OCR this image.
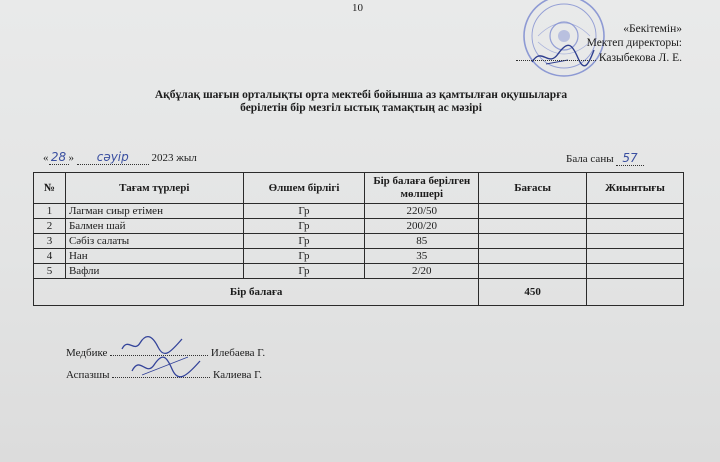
10
«Бекітемін»
Мектеп директоры:
Казыбекова Л. Е.
Ақбұлақ шағын орталықты орта мектебі бойынша аз қамтылған оқушыларға
берілетін бір мезгіл ыстық тамақтың ас мәзірі
« 28 » сәуір 2023 жыл	Бала саны 57
№	Тағам түрлері	Өлшем бірлігі	Бір балаға берілген мөлшері	Бағасы	Жиынтығы
1	Лагман сиыр етімен	Гр	220/50		
2	Балмен шай	Гр	200/20		
3	Сәбіз салаты	Гр	85		
4	Нан	Гр	35		
5	Вафли	Гр	2/20		
Бір балаға				450	
Медбике	Илебаева Г.
Аспазшы	Калиева Г.
